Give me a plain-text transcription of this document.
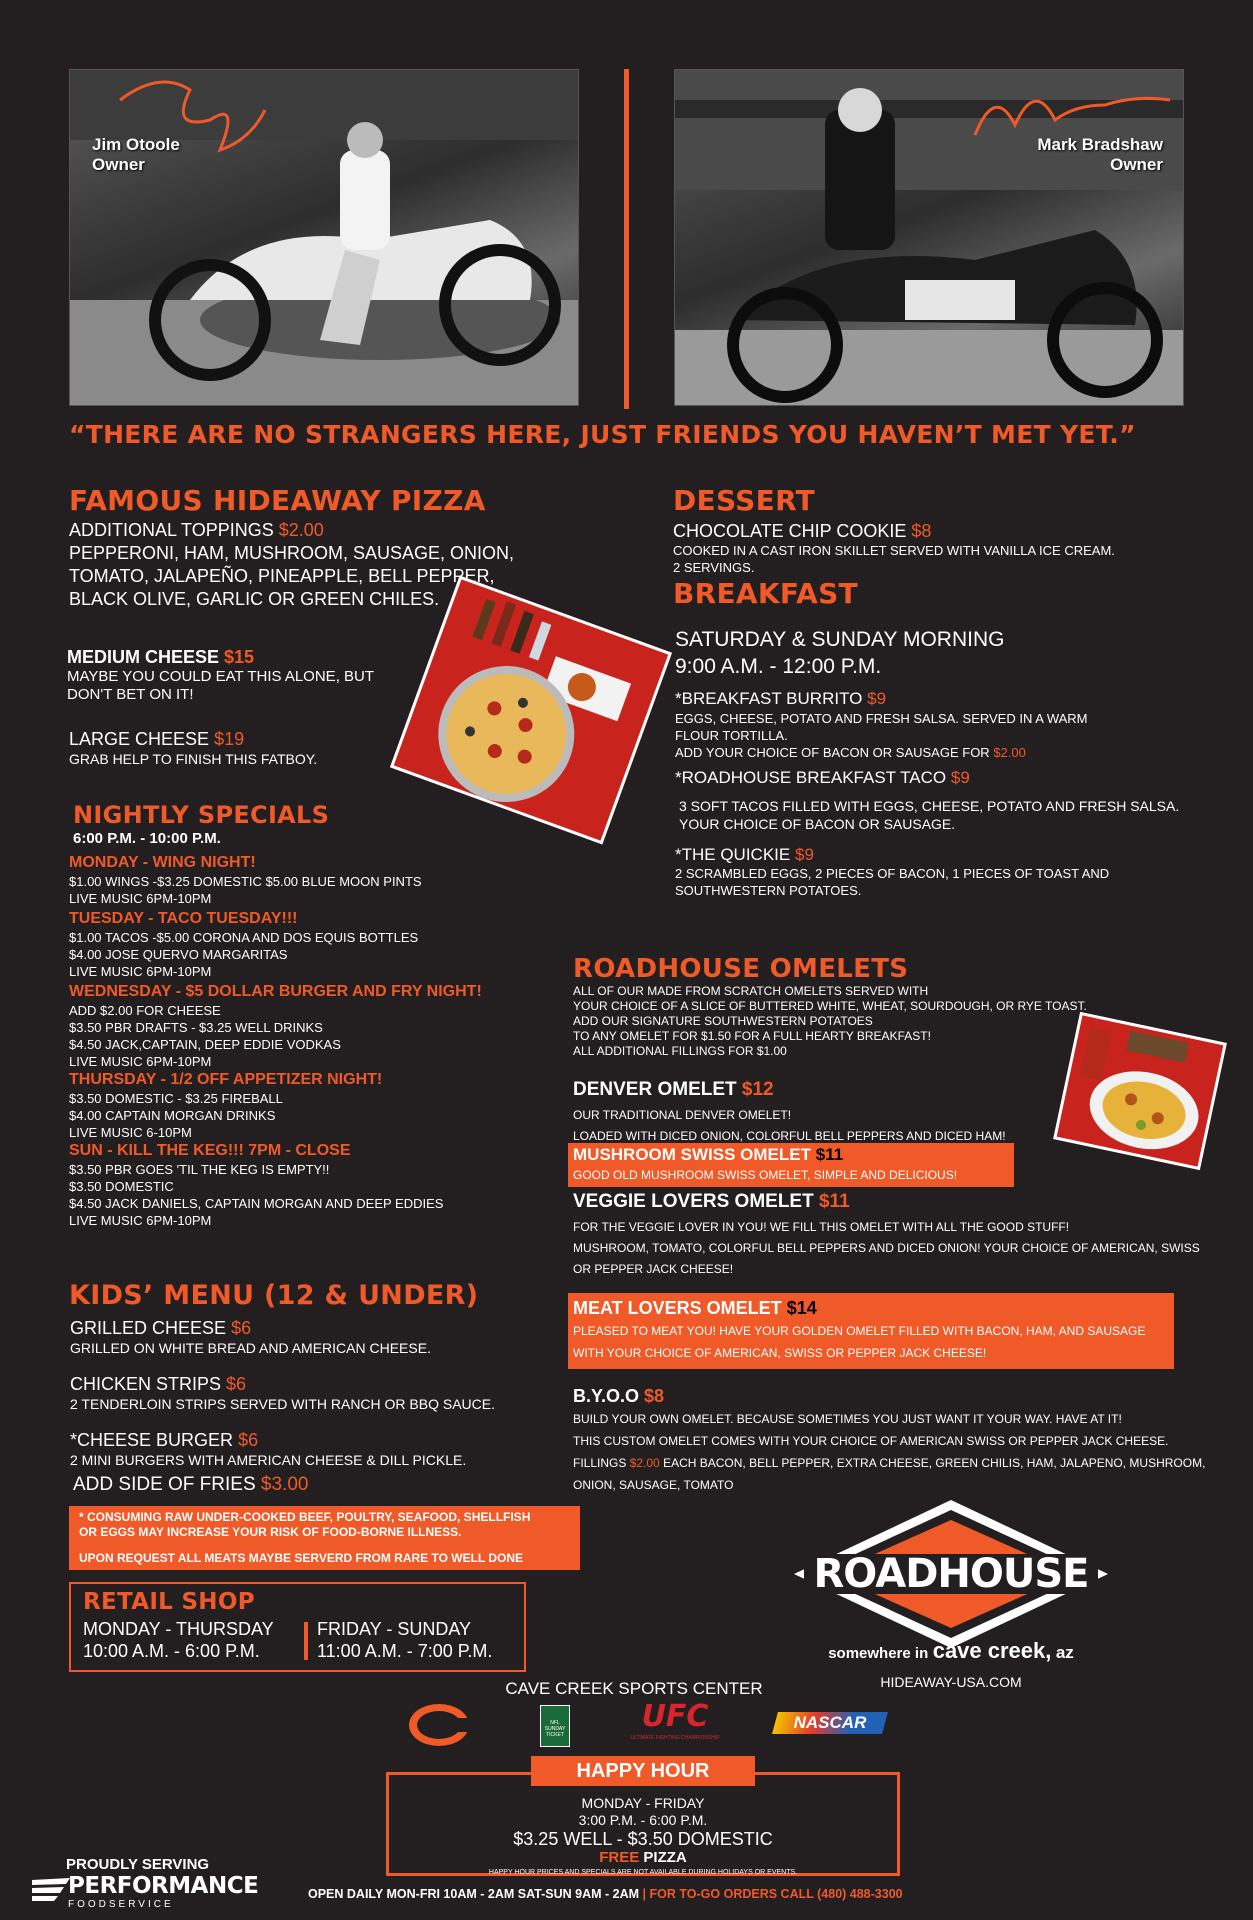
Jim Otoole
Owner
Mark Bradshaw
Owner
“THERE ARE NO STRANGERS HERE, JUST FRIENDS YOU HAVEN’T MET YET.”
FAMOUS HIDEAWAY PIZZA
ADDITIONAL TOPPINGS $2.00
PEPPERONI, HAM, MUSHROOM, SAUSAGE, ONION,
TOMATO, JALAPEÑO, PINEAPPLE, BELL PEPPER,
BLACK OLIVE, GARLIC OR GREEN CHILES.
MEDIUM CHEESE $15
MAYBE YOU COULD EAT THIS ALONE, BUT
DON'T BET ON IT!
LARGE CHEESE $19
GRAB HELP TO FINISH THIS FATBOY.
NIGHTLY SPECIALS
6:00 P.M. - 10:00 P.M.
MONDAY - WING NIGHT!
$1.00 WINGS -$3.25 DOMESTIC $5.00 BLUE MOON PINTS
LIVE MUSIC 6PM-10PM
TUESDAY - TACO TUESDAY!!!
$1.00 TACOS -$5.00 CORONA AND DOS EQUIS BOTTLES
$4.00 JOSE QUERVO MARGARITAS
LIVE MUSIC 6PM-10PM
WEDNESDAY - $5 DOLLAR BURGER AND FRY NIGHT!
ADD $2.00 FOR CHEESE
$3.50 PBR DRAFTS - $3.25 WELL DRINKS
$4.50 JACK,CAPTAIN, DEEP EDDIE VODKAS
LIVE MUSIC 6PM-10PM
THURSDAY - 1/2 OFF APPETIZER NIGHT!
$3.50 DOMESTIC - $3.25 FIREBALL
$4.00 CAPTAIN MORGAN DRINKS
LIVE MUSIC 6-10PM
SUN - KILL THE KEG!!! 7PM - CLOSE
$3.50 PBR GOES 'TIL THE KEG IS EMPTY!!
$3.50 DOMESTIC
$4.50 JACK DANIELS, CAPTAIN MORGAN AND DEEP EDDIES
LIVE MUSIC 6PM-10PM
KIDS’ MENU (12 & UNDER)
GRILLED CHEESE $6
GRILLED ON WHITE BREAD AND AMERICAN CHEESE.
CHICKEN STRIPS $6
2 TENDERLOIN STRIPS SERVED WITH RANCH OR BBQ SAUCE.
*CHEESE BURGER $6
2 MINI BURGERS WITH AMERICAN CHEESE & DILL PICKLE.
ADD SIDE OF FRIES $3.00
* CONSUMING RAW UNDER-COOKED BEEF, POULTRY, SEAFOOD, SHELLFISH
OR EGGS MAY INCREASE YOUR RISK OF FOOD-BORNE ILLNESS.
UPON REQUEST ALL MEATS MAYBE SERVERD FROM RARE TO WELL DONE
RETAIL SHOP
MONDAY - THURSDAY
10:00 A.M. - 6:00 P.M.
FRIDAY - SUNDAY
11:00 A.M. - 7:00 P.M.
DESSERT
CHOCOLATE CHIP COOKIE $8
COOKED IN A CAST IRON SKILLET SERVED WITH VANILLA ICE CREAM.
2 SERVINGS.
BREAKFAST
SATURDAY & SUNDAY MORNING
9:00 A.M. - 12:00 P.M.
*BREAKFAST BURRITO $9
EGGS, CHEESE, POTATO AND FRESH SALSA. SERVED IN A WARM
FLOUR TORTILLA.
ADD YOUR CHOICE OF BACON OR SAUSAGE FOR $2.00
*ROADHOUSE BREAKFAST TACO $9
3 SOFT TACOS FILLED WITH EGGS, CHEESE, POTATO AND FRESH SALSA.
YOUR CHOICE OF BACON OR SAUSAGE.
*THE QUICKIE $9
2 SCRAMBLED EGGS, 2 PIECES OF BACON, 1 PIECES OF TOAST AND
SOUTHWESTERN POTATOES.
ROADHOUSE OMELETS
ALL OF OUR MADE FROM SCRATCH OMELETS SERVED WITH
YOUR CHOICE OF A SLICE OF BUTTERED WHITE, WHEAT, SOURDOUGH, OR RYE TOAST.
ADD OUR SIGNATURE SOUTHWESTERN POTATOES
TO ANY OMELET FOR $1.50 FOR A FULL HEARTY BREAKFAST!
ALL ADDITIONAL FILLINGS FOR $1.00
DENVER OMELET $12
OUR TRADITIONAL DENVER OMELET!
LOADED WITH DICED ONION, COLORFUL BELL PEPPERS AND DICED HAM!
MUSHROOM SWISS OMELET $11
GOOD OLD MUSHROOM SWISS OMELET, SIMPLE AND DELICIOUS!
VEGGIE LOVERS OMELET $11
FOR THE VEGGIE LOVER IN YOU! WE FILL THIS OMELET WITH ALL THE GOOD STUFF!
MUSHROOM, TOMATO, COLORFUL BELL PEPPERS AND DICED ONION! YOUR CHOICE OF AMERICAN, SWISS
OR PEPPER JACK CHEESE!
MEAT LOVERS OMELET $14
PLEASED TO MEAT YOU! HAVE YOUR GOLDEN OMELET FILLED WITH BACON, HAM, AND SAUSAGE
WITH YOUR CHOICE OF AMERICAN, SWISS OR PEPPER JACK CHEESE!
B.Y.O.O $8
BUILD YOUR OWN OMELET. BECAUSE SOMETIMES YOU JUST WANT IT YOUR WAY. HAVE AT IT!
THIS CUSTOM OMELET COMES WITH YOUR CHOICE OF AMERICAN SWISS OR PEPPER JACK CHEESE.
FILLINGS $2.00 EACH BACON, BELL PEPPER, EXTRA CHEESE, GREEN CHILIS, HAM, JALAPENO, MUSHROOM,
ONION, SAUSAGE, TOMATO
ROADHOUSE
somewhere in cave creek, az
HIDEAWAY-USA.COM
CAVE CREEK SPORTS CENTER
NFL SUNDAY TICKET
UFC
ULTIMATE FIGHTING CHAMPIONSHIP
NASCAR
MONDAY - FRIDAY
3:00 P.M. - 6:00 P.M.
$3.25 WELL - $3.50 DOMESTIC
FREE PIZZA
HAPPY HOUR PRICES AND SPECIALS ARE NOT AVAILABLE DURING HOLIDAYS OR EVENTS.
HAPPY HOUR
PROUDLY SERVING
PERFORMANCE
FOODSERVICE
OPEN DAILY MON-FRI 10AM - 2AM SAT-SUN 9AM - 2AM | FOR TO-GO ORDERS CALL (480) 488-3300
